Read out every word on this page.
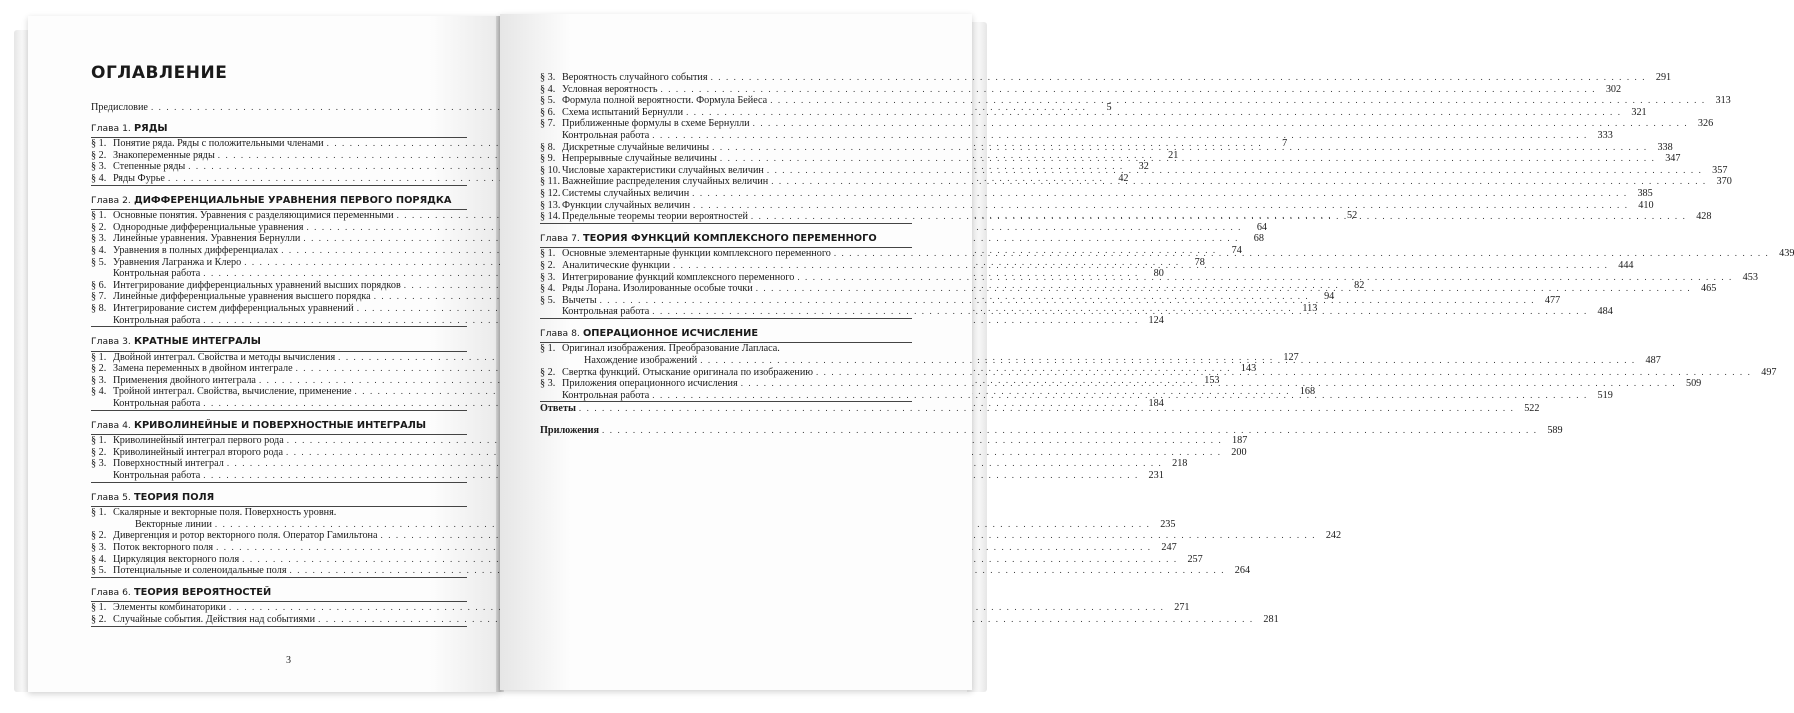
ОГЛАВЛЕНИЕ
Предисловие . . .	5
Глава 1. РЯДЫ
§ 1. Понятие ряда. Ряды с положительными членами . . .	7
§ 2. Знакопеременные ряды . . .	21
§ 3. Степенные ряды . . .	32
§ 4. Ряды Фурье . . .	42
Глава 2. ДИФФЕРЕНЦИАЛЬНЫЕ УРАВНЕНИЯ ПЕРВОГО ПОРЯДКА
§ 1. Основные понятия. Уравнения с разделяющимися переменными . . .	52
§ 2. Однородные дифференциальные уравнения . . .	64
§ 3. Линейные уравнения. Уравнения Бернулли . . .	68
§ 4. Уравнения в полных дифференциалах . . .	74
§ 5. Уравнения Лагранжа и Клеро . . .	78
Контрольная работа . . .	80
§ 6. Интегрирование дифференциальных уравнений высших порядков . . .	82
§ 7. Линейные дифференциальные уравнения высшего порядка . . .	94
§ 8. Интегрирование систем дифференциальных уравнений . . .	113
Контрольная работа . . .	124
Глава 3. КРАТНЫЕ ИНТЕГРАЛЫ
§ 1. Двойной интеграл. Свойства и методы вычисления . . .	127
§ 2. Замена переменных в двойном интеграле . . .	143
§ 3. Применения двойного интеграла . . .	153
§ 4. Тройной интеграл. Свойства, вычисление, применение . . .	168
Контрольная работа . . .	184
Глава 4. КРИВОЛИНЕЙНЫЕ И ПОВЕРХНОСТНЫЕ ИНТЕГРАЛЫ
§ 1. Криволинейный интеграл первого рода . . .	187
§ 2. Криволинейный интеграл второго рода . . .	200
§ 3. Поверхностный интеграл . . .	218
Контрольная работа . . .	231
Глава 5. ТЕОРИЯ ПОЛЯ
§ 1. Скалярные и векторные поля. Поверхность уровня.
Векторные линии . . .	235
§ 2. Дивергенция и ротор векторного поля. Оператор Гамильтона . . .	242
§ 3. Поток векторного поля . . .	247
§ 4. Циркуляция векторного поля . . .	257
§ 5. Потенциальные и соленоидальные поля . . .	264
Глава 6. ТЕОРИЯ ВЕРОЯТНОСТЕЙ
§ 1. Элементы комбинаторики . . .	271
§ 2. Случайные события. Действия над событиями . . .	281
3
§ 3. Вероятность случайного события . . .	291
§ 4. Условная вероятность . . .	302
§ 5. Формула полной вероятности. Формула Бейеса . . .	313
§ 6. Схема испытаний Бернулли . . .	321
§ 7. Приближенные формулы в схеме Бернулли . . .	326
Контрольная работа . . .	333
§ 8. Дискретные случайные величины . . .	338
§ 9. Непрерывные случайные величины . . .	347
§ 10. Числовые характеристики случайных величин . . .	357
§ 11. Важнейшие распределения случайных величин . . .	370
§ 12. Системы случайных величин . . .	385
§ 13. Функции случайных величин . . .	410
§ 14. Предельные теоремы теории вероятностей . . .	428
Глава 7. ТЕОРИЯ ФУНКЦИЙ КОМПЛЕКСНОГО ПЕРЕМЕННОГО
§ 1. Основные элементарные функции комплексного переменного . . .	439
§ 2. Аналитические функции . . .	444
§ 3. Интегрирование функций комплексного переменного . . .	453
§ 4. Ряды Лорана. Изолированные особые точки . . .	465
§ 5. Вычеты . . .	477
Контрольная работа . . .	484
Глава 8. ОПЕРАЦИОННОЕ ИСЧИСЛЕНИЕ
§ 1. Оригинал изображения. Преобразование Лапласа.
Нахождение изображений . . .	487
§ 2. Свертка функций. Отыскание оригинала по изображению . . .	497
§ 3. Приложения операционного исчисления . . .	509
Контрольная работа . . .	519
Ответы . . .	522
Приложения . . .	589
